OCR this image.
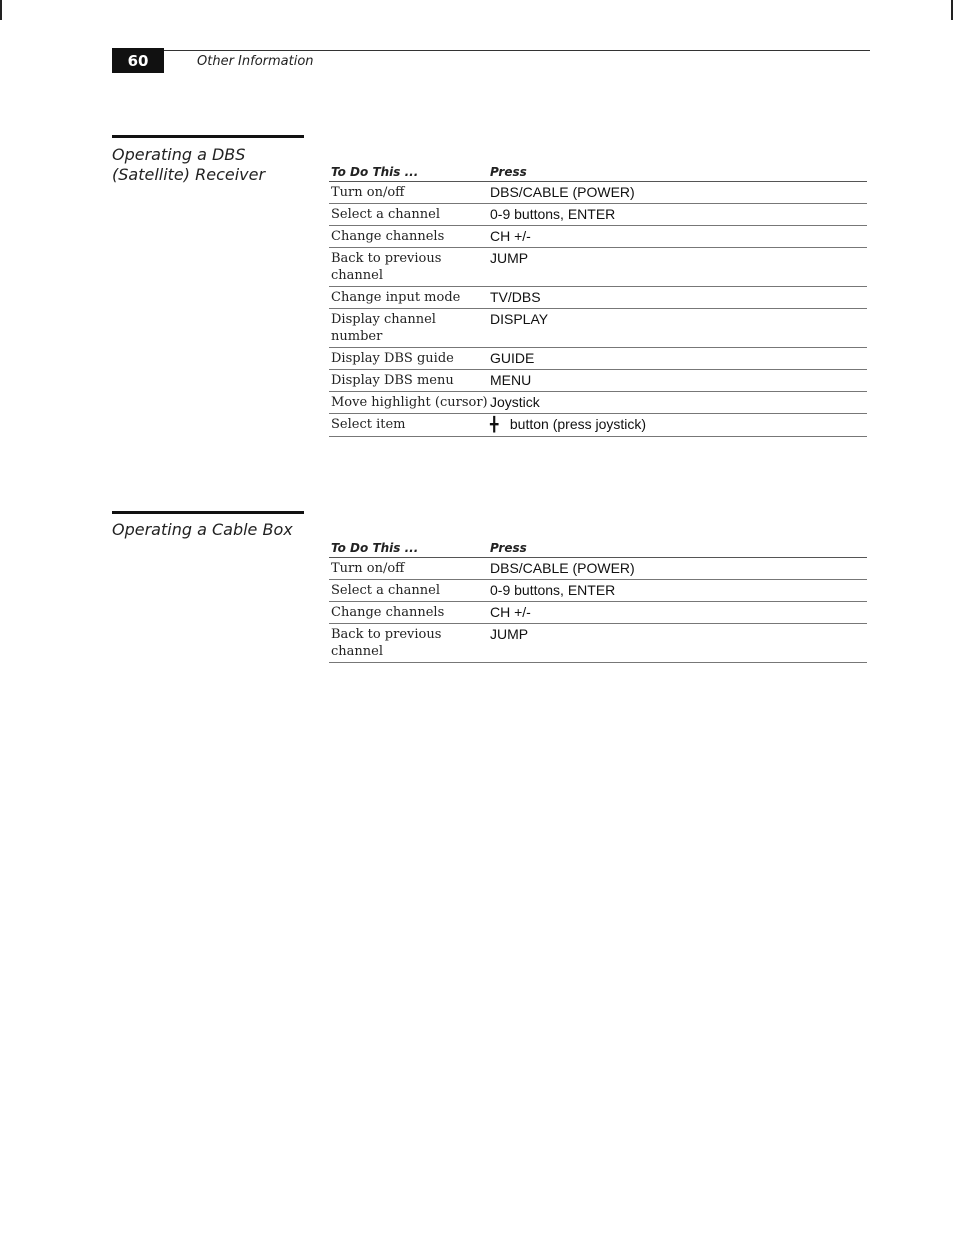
60	Other Information
Operating a DBS
(Satellite) Receiver	To Do This ...	Press
Turn on/off	DBS/CABLE (POWER)
Select a channel	0-9 buttons, ENTER
Change channels	CH +/-
Back to previous channel	JUMP
Change input mode	TV/DBS
Display channel number	DISPLAY
Display DBS guide	GUIDE
Display DBS menu	MENU
Move highlight (cursor)	Joystick
Select item	╋ button (press joystick)
Operating a Cable Box
To Do This ...	Press
Turn on/off	DBS/CABLE (POWER)
Select a channel	0-9 buttons, ENTER
Change channels	CH +/-
Back to previous channel	JUMP
